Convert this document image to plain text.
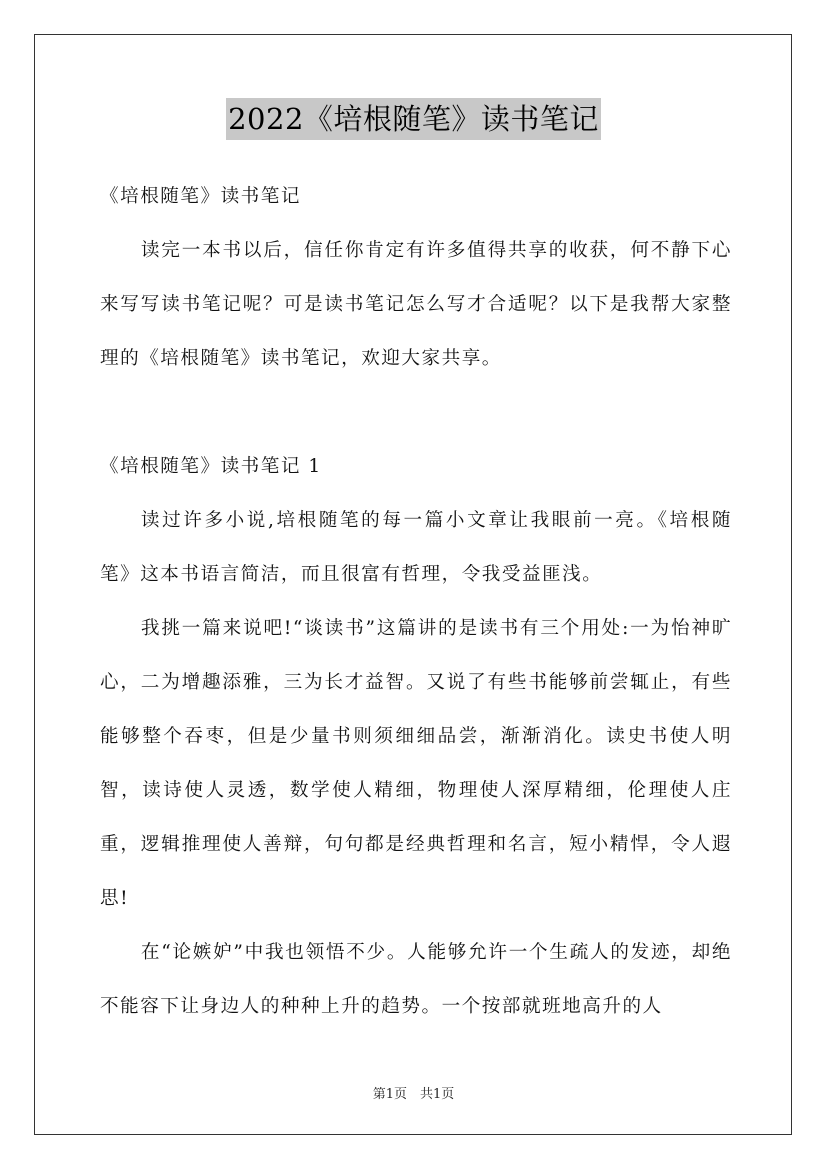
2022《培根随笔》读书笔记

《培根随笔》读书笔记

读完一本书以后，信任你肯定有许多值得共享的收获，何不静下心来写写读书笔记呢？可是读书笔记怎么写才合适呢？以下是我帮大家整理的《培根随笔》读书笔记，欢迎大家共享。

《培根随笔》读书笔记 1

读过许多小说,培根随笔的每一篇小文章让我眼前一亮。《培根随笔》这本书语言简洁，而且很富有哲理，令我受益匪浅。

我挑一篇来说吧!“谈读书”这篇讲的是读书有三个用处:一为怡神旷心，二为增趣添雅，三为长才益智。又说了有些书能够前尝辄止，有些能够整个吞枣，但是少量书则须细细品尝，渐渐消化。读史书使人明智，读诗使人灵透，数学使人精细，物理使人深厚精细，伦理使人庄重，逻辑推理使人善辩，句句都是经典哲理和名言，短小精悍，令人遐思!

在“论嫉妒”中我也领悟不少。人能够允许一个生疏人的发迹，却绝不能容下让身边人的种种上升的趋势。一个按部就班地高升的人

第1页　共1页
